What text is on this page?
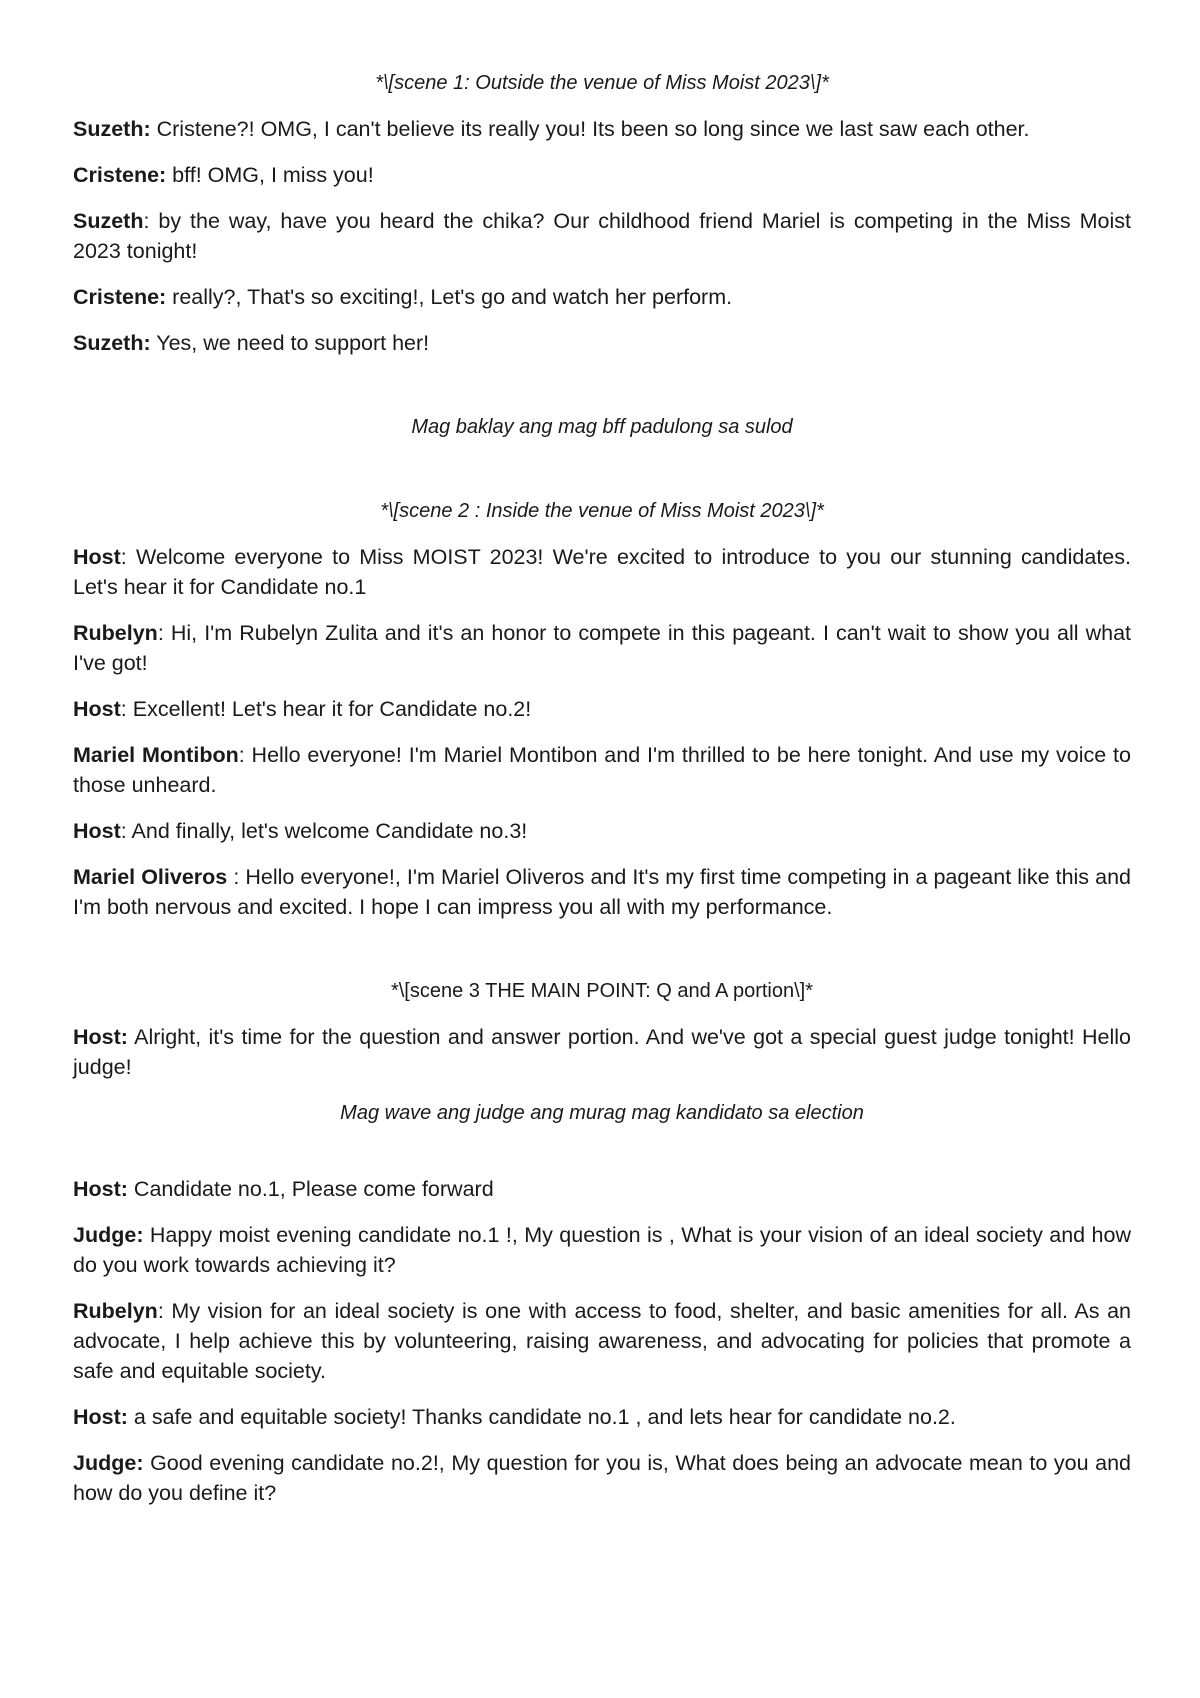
*\[scene 1: Outside the venue of Miss Moist 2023\]*
Suzeth: Cristene?! OMG, I can't believe its really you! Its been so long since we last saw each other.
Cristene: bff! OMG, I miss you!
Suzeth: by the way, have you heard the chika? Our childhood friend Mariel is competing in the Miss Moist 2023 tonight!
Cristene: really?, That's so exciting!, Let's go and watch her perform.
Suzeth: Yes, we need to support her!
Mag baklay ang mag bff padulong sa sulod
*\[scene 2 : Inside the venue of Miss Moist 2023\]*
Host: Welcome everyone to Miss MOIST 2023! We're excited to introduce to you our stunning candidates. Let's hear it for Candidate no.1
Rubelyn: Hi, I'm Rubelyn Zulita and it's an honor to compete in this pageant. I can't wait to show you all what I've got!
Host: Excellent! Let's hear it for Candidate no.2!
Mariel Montibon: Hello everyone! I'm Mariel Montibon and I'm thrilled to be here tonight. And use my voice to those unheard.
Host: And finally, let's welcome Candidate no.3!
Mariel Oliveros : Hello everyone!, I'm Mariel Oliveros and It's my first time competing in a pageant like this and I'm both nervous and excited. I hope I can impress you all with my performance.
*\[scene 3 THE MAIN POINT: Q and A portion\]*
Host: Alright, it's time for the question and answer portion. And we've got a special guest judge tonight! Hello judge!
Mag wave ang judge ang murag mag kandidato sa election
Host: Candidate no.1, Please come forward
Judge: Happy moist evening candidate no.1 !, My question is , What is your vision of an ideal society and how do you work towards achieving it?
Rubelyn: My vision for an ideal society is one with access to food, shelter, and basic amenities for all. As an advocate, I help achieve this by volunteering, raising awareness, and advocating for policies that promote a safe and equitable society.
Host: a safe and equitable society! Thanks candidate no.1 , and lets hear for candidate no.2.
Judge: Good evening candidate no.2!, My question for you is, What does being an advocate mean to you and how do you define it?
